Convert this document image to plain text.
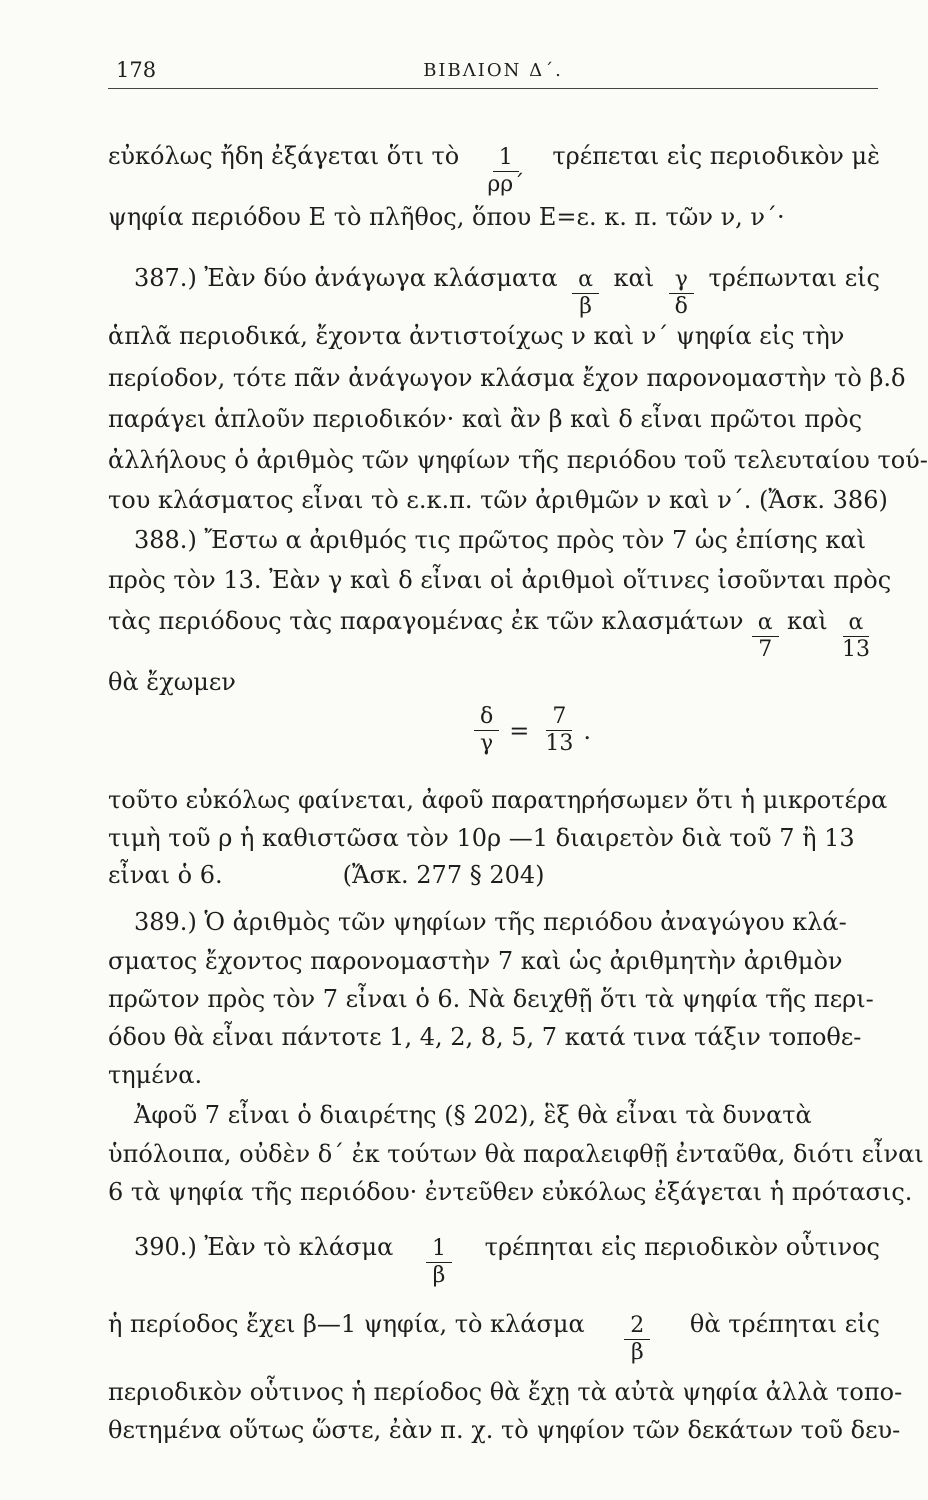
178	ΒΙΒΛΙΟΝ Δ΄.
εὐκόλως ἤδη ἐξάγεται ὅτι τὸ $\frac{1}{\rho\rho΄}$ τρέπεται εἰς περιοδικὸν μὲ
ψηφία περιόδου Ε τὸ πλῆθος, ὅπου Ε=ε. κ. π. τῶν ν, ν΄·
387.) Ἐὰν δύο ἀνάγωγα κλάσματα $\frac{\alpha}{\beta}$ καὶ $\frac{\gamma}{\delta}$ τρέπωνται εἰς
ἁπλᾶ περιοδικά, ἔχοντα ἀντιστοίχως ν καὶ ν΄ ψηφία εἰς τὴν
περίοδον, τότε πᾶν ἀνάγωγον κλάσμα ἔχον παρονομαστὴν τὸ β.δ
παράγει ἁπλοῦν περιοδικόν· καὶ ἂν β καὶ δ εἶναι πρῶτοι πρὸς
ἀλλήλους ὁ ἀριθμὸς τῶν ψηφίων τῆς περιόδου τοῦ τελευταίου τού-
του κλάσματος εἶναι τὸ ε.κ.π. τῶν ἀριθμῶν ν καὶ ν΄. (Ἄσκ. 386)
388.) Ἔστω α ἀριθμός τις πρῶτος πρὸς τὸν 7 ὡς ἐπίσης καὶ
πρὸς τὸν 13. Ἐὰν γ καὶ δ εἶναι οἱ ἀριθμοὶ οἵτινες ἰσοῦνται πρὸς
τὰς περιόδους τὰς παραγομένας ἐκ τῶν κλασμάτων $\frac{\alpha}{7}$ καὶ $\frac{\alpha}{13}$
θὰ ἔχωμεν
$\frac{\delta}{\gamma} = \frac{7}{13}$ .
τοῦτο εὐκόλως φαίνεται, ἀφοῦ παρατηρήσωμεν ὅτι ἡ μικροτέρα
τιμὴ τοῦ ρ ἡ καθιστῶσα τὸν 10ρ —1 διαιρετὸν διὰ τοῦ 7 ἢ 13
εἶναι ὁ 6.	(Ἄσκ. 277 § 204)
389.) Ὁ ἀριθμὸς τῶν ψηφίων τῆς περιόδου ἀναγώγου κλά-
σματος ἔχοντος παρονομαστὴν 7 καὶ ὡς ἀριθμητὴν ἀριθμὸν
πρῶτον πρὸς τὸν 7 εἶναι ὁ 6. Νὰ δειχθῇ ὅτι τὰ ψηφία τῆς περι-
όδου θὰ εἶναι πάντοτε 1, 4, 2, 8, 5, 7 κατά τινα τάξιν τοποθε-
τημένα.
Ἀφοῦ 7 εἶναι ὁ διαιρέτης (§ 202), ἓξ θὰ εἶναι τὰ δυνατὰ
ὑπόλοιπα, οὐδὲν δ΄ ἐκ τούτων θὰ παραλειφθῇ ἐνταῦθα, διότι εἶναι
6 τὰ ψηφία τῆς περιόδου· ἐντεῦθεν εὐκόλως ἐξάγεται ἡ πρότασις.
390.) Ἐὰν τὸ κλάσμα $\frac{1}{\beta}$ τρέπηται εἰς περιοδικὸν οὗτινος
ἡ περίοδος ἔχει β—1 ψηφία, τὸ κλάσμα $\frac{2}{\beta}$ θὰ τρέπηται εἰς
περιοδικὸν οὗτινος ἡ περίοδος θὰ ἔχῃ τὰ αὐτὰ ψηφία ἀλλὰ τοπο-
θετημένα οὕτως ὥστε, ἐὰν π. χ. τὸ ψηφίον τῶν δεκάτων τοῦ δευ-
